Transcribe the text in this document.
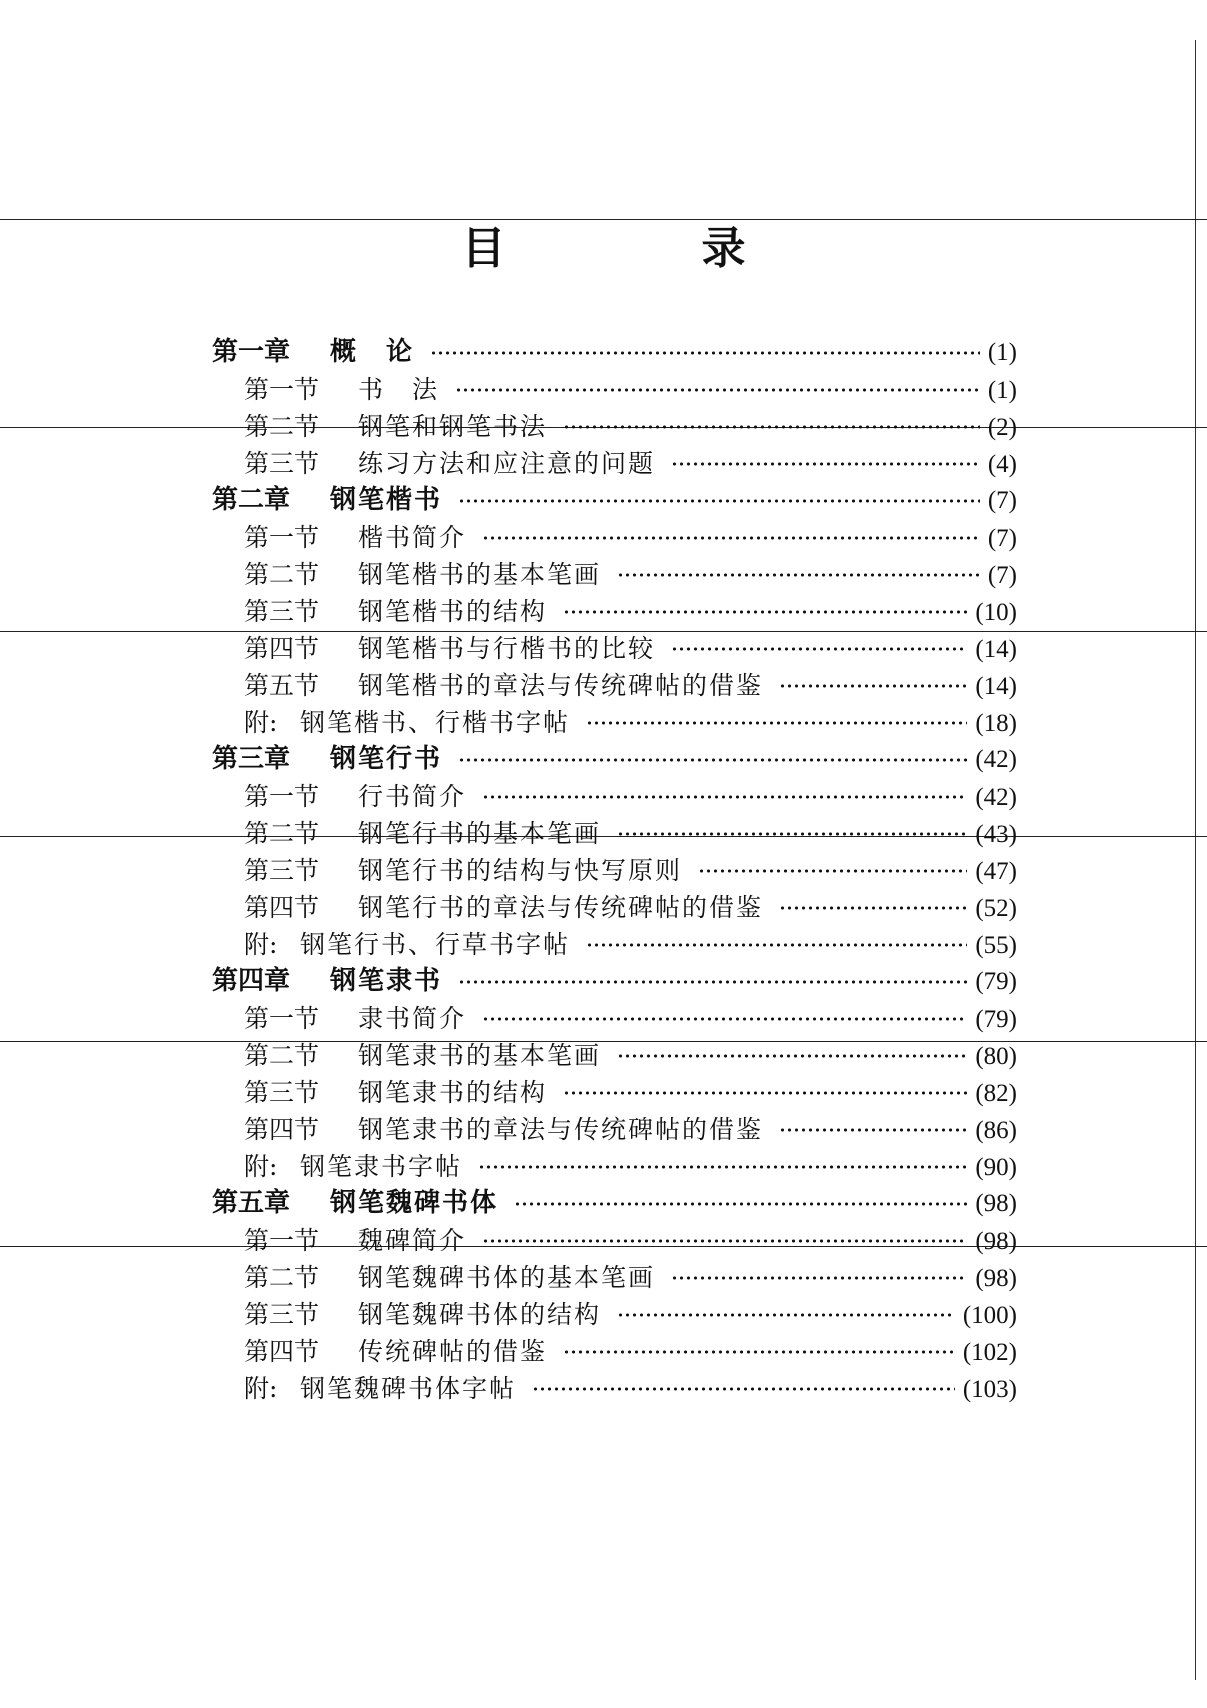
目　录
第一章	概　论	(1)
第一节	书　法	(1)
第二节	钢笔和钢笔书法	(2)
第三节	练习方法和应注意的问题	(4)
第二章	钢笔楷书	(7)
第一节	楷书简介	(7)
第二节	钢笔楷书的基本笔画	(7)
第三节	钢笔楷书的结构	(10)
第四节	钢笔楷书与行楷书的比较	(14)
第五节	钢笔楷书的章法与传统碑帖的借鉴	(14)
附: 钢笔楷书、行楷书字帖	(18)
第三章	钢笔行书	(42)
第一节	行书简介	(42)
第二节	钢笔行书的基本笔画	(43)
第三节	钢笔行书的结构与快写原则	(47)
第四节	钢笔行书的章法与传统碑帖的借鉴	(52)
附: 钢笔行书、行草书字帖	(55)
第四章	钢笔隶书	(79)
第一节	隶书简介	(79)
第二节	钢笔隶书的基本笔画	(80)
第三节	钢笔隶书的结构	(82)
第四节	钢笔隶书的章法与传统碑帖的借鉴	(86)
附: 钢笔隶书字帖	(90)
第五章	钢笔魏碑书体	(98)
第一节	魏碑简介	(98)
第二节	钢笔魏碑书体的基本笔画	(98)
第三节	钢笔魏碑书体的结构	(100)
第四节	传统碑帖的借鉴	(102)
附: 钢笔魏碑书体字帖	(103)
